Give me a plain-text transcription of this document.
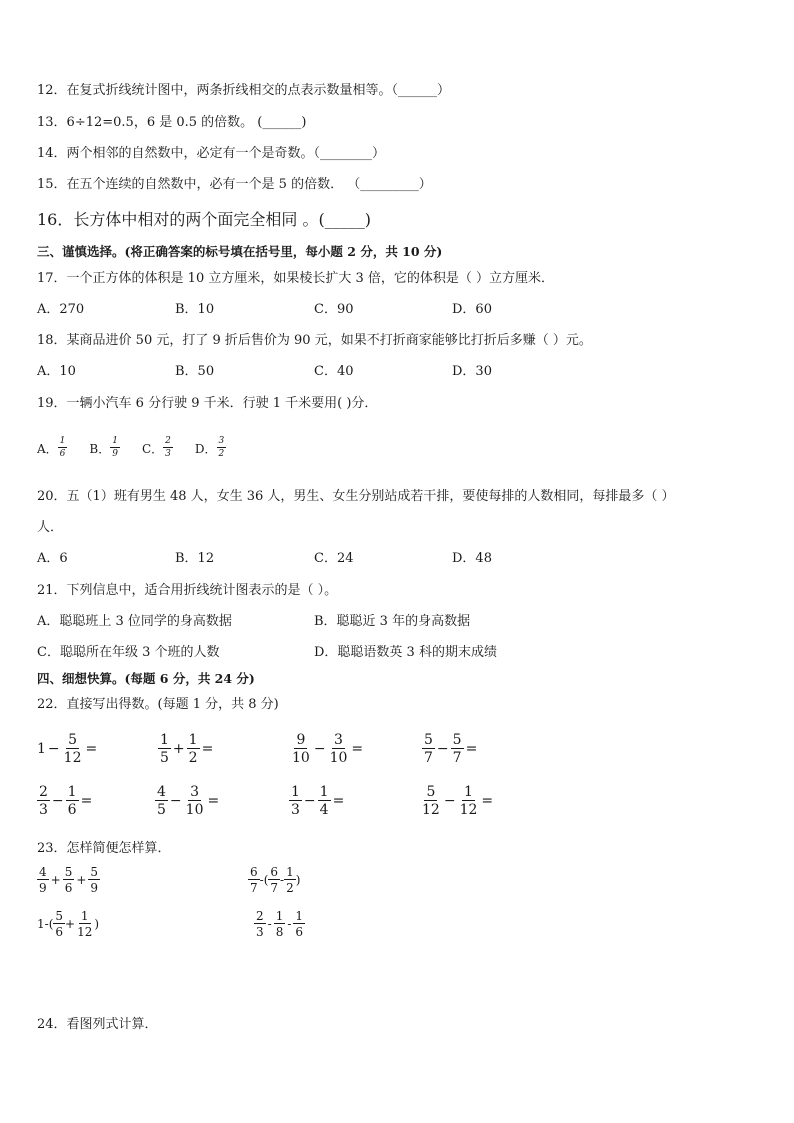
12．在复式折线统计图中，两条折线相交的点表示数量相等。（______）
13．6÷12=0.5，6 是 0.5 的倍数。 (______)
14．两个相邻的自然数中，必定有一个是奇数。（________）
15．在五个连续的自然数中，必有一个是 5 的倍数． （_________）
16．长方体中相对的两个面完全相同 。(_____)
三、谨慎选择。(将正确答案的标号填在括号里，每小题 2 分，共 10 分)
17．一个正方体的体积是 10 立方厘米，如果棱长扩大 3 倍，它的体积是（ ）立方厘米．
A．270	B．10	C．90	D．60
18．某商品进价 50 元，打了 9 折后售价为 90 元，如果不打折商家能够比打折后多赚（ ）元。
A．10	B．50	C．40	D．30
19．一辆小汽车 6 分行驶 9 千米．行驶 1 千米要用( )分．
A． $\frac{1}{6}$ B． $\frac{1}{9}$ C． $\frac{2}{3}$ D． $\frac{3}{2}$
20．五（1）班有男生 48 人，女生 36 人，男生、女生分别站成若干排，要使每排的人数相同，每排最多（ ）
人．
A．6	B．12	C．24	D．48
21．下列信息中，适合用折线统计图表示的是（ ）。
A．聪聪班上 3 位同学的身高数据	B．聪聪近 3 年的身高数据
C．聪聪所在年级 3 个班的人数	D．聪聪语数英 3 科的期末成绩
四、细想快算。(每题 6 分，共 24 分)
22．直接写出得数。(每题 1 分，共 8 分)
$1 - \frac{5}{12}$ =	$\frac{1}{5} + \frac{1}{2}$ =	$\frac{9}{10} - \frac{3}{10}$ =	$\frac{5}{7} - \frac{5}{7}$ =
$\frac{2}{3} - \frac{1}{6}$ =	$\frac{4}{5} - \frac{3}{10}$ =	$\frac{1}{3} - \frac{1}{4}$ =	$\frac{5}{12} - \frac{1}{12}$ =
23．怎样简便怎样算．
$\frac{4}{9} + \frac{5}{6} + \frac{5}{9}$	$\frac{6}{7}$ -( $\frac{6}{7} - \frac{1}{2}$ )
$1-( \frac{5}{6} + \frac{1}{12}$ )	$\frac{2}{3} - \frac{1}{8} - \frac{1}{6}$
24．看图列式计算．
